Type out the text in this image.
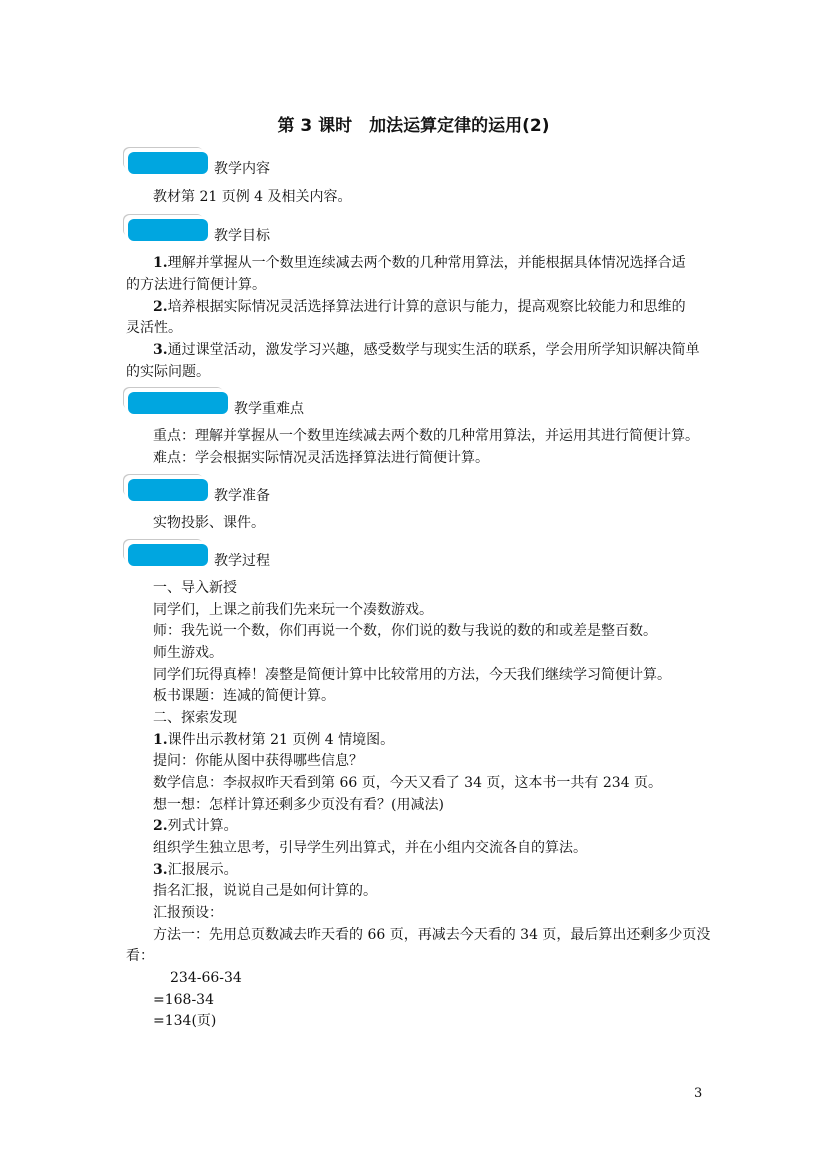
第 3 课时　加法运算定律的运用(2)
教学内容
教材第 21 页例 4 及相关内容。
教学目标
1.理解并掌握从一个数里连续减去两个数的几种常用算法，并能根据具体情况选择合适
的方法进行简便计算。
2.培养根据实际情况灵活选择算法进行计算的意识与能力，提高观察比较能力和思维的
灵活性。
3.通过课堂活动，激发学习兴趣，感受数学与现实生活的联系，学会用所学知识解决简单
的实际问题。
教学重难点
重点：理解并掌握从一个数里连续减去两个数的几种常用算法，并运用其进行简便计算。
难点：学会根据实际情况灵活选择算法进行简便计算。
教学准备
实物投影、课件。
教学过程
一、导入新授
同学们，上课之前我们先来玩一个凑数游戏。
师：我先说一个数，你们再说一个数，你们说的数与我说的数的和或差是整百数。
师生游戏。
同学们玩得真棒！凑整是简便计算中比较常用的方法，今天我们继续学习简便计算。
板书课题：连减的简便计算。
二、探索发现
1.课件出示教材第 21 页例 4 情境图。
提问：你能从图中获得哪些信息？
数学信息：李叔叔昨天看到第 66 页，今天又看了 34 页，这本书一共有 234 页。
想一想：怎样计算还剩多少页没有看？(用减法)
2.列式计算。
组织学生独立思考，引导学生列出算式，并在小组内交流各自的算法。
3.汇报展示。
指名汇报，说说自己是如何计算的。
汇报预设：
方法一：先用总页数减去昨天看的 66 页，再减去今天看的 34 页，最后算出还剩多少页没
看：
234-66-34
=168-34
=134(页)
3
